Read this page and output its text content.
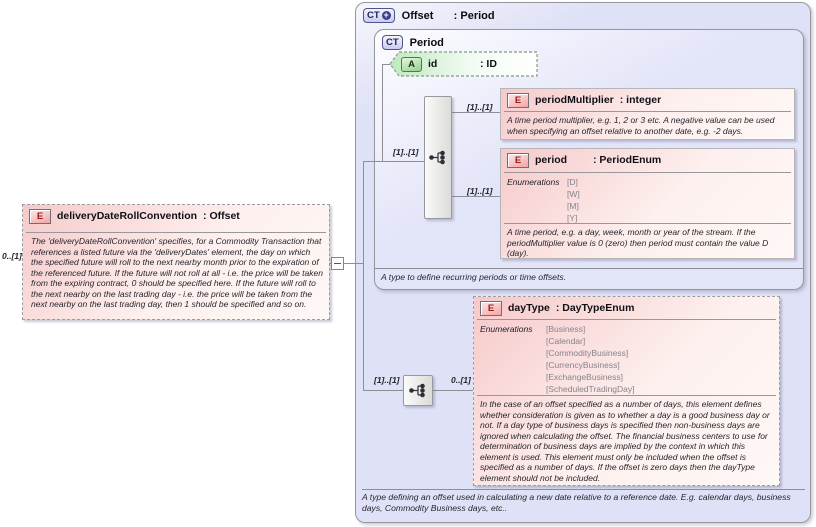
CT + Offset	: Period
CT Period
A type to define recurring periods or time offsets.
A type defining an offset used in calculating a new date relative to a reference date. E.g. calendar days, business days, Commodity Business days, etc..
0..[1]
[1]..[1]
[1]..[1]
[1]..[1]
[1]..[1]	0..[1]
A	id	: ID
E	periodMultiplier : integer
A time period multiplier, e.g. 1, 2 or 3 etc. A negative value can be used when specifying an offset relative to another date, e.g. -2 days.
E	period	: PeriodEnum
Enumerations [D]
[W]
[M]
[Y]
A time period, e.g. a day, week, month or year of the stream. If the periodMultiplier value is 0 (zero) then period must contain the value D (day).
E	dayType : DayTypeEnum
Enumerations [Business]
[Calendar]
[CommodityBusiness]
[CurrencyBusiness]
[ExchangeBusiness]
[ScheduledTradingDay]
In the case of an offset specified as a number of days, this element defines whether consideration is given as to whether a day is a good business day or not. If a day type of business days is specified then non-business days are ignored when calculating the offset. The financial business centers to use for determination of business days are implied by the context in which this element is used. This element must only be included when the offset is specified as a number of days. If the offset is zero days then the dayType element should not be included.
E	deliveryDateRollConvention : Offset
The 'deliveryDateRollConvention' specifies, for a Commodity Transaction that references a listed future via the 'deliveryDates' element, the day on which the specified future will roll to the next nearby month prior to the expiration of the referenced future. If the future will not roll at all - i.e. the price will be taken from the expiring contract, 0 should be specified here. If the future will roll to the next nearby on the last trading day - i.e. the price will be taken from the next nearby on the last trading day, then 1 should be specified and so on.
